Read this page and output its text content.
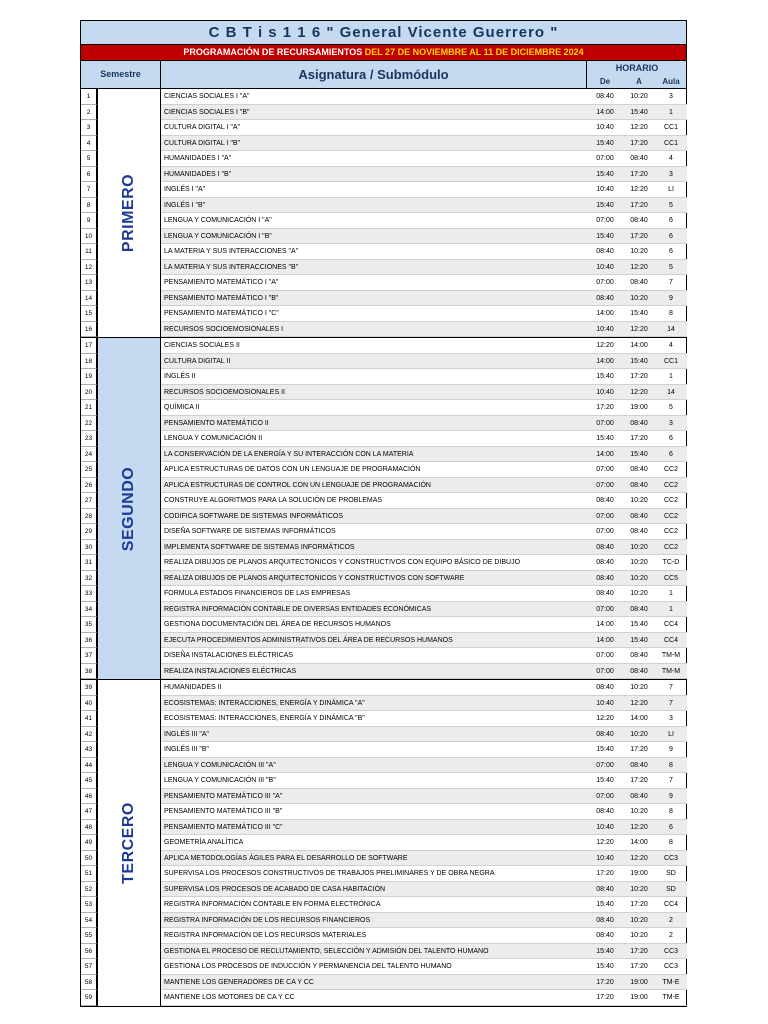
C B T i s 1 1 6 " General Vicente Guerrero "
PROGRAMACIÓN DE RECURSAMIENTOS DEL 27 DE NOVIEMBRE AL 11 DE DICIEMBRE 2024
Semestre	Asignatura / Submódulo	HORARIO
De	A	Aula
1	CIENCIAS SOCIALES I "A"	08:40	10:20	3
2	CIENCIAS SOCIALES I "B"	14:00	15:40	1
3	CULTURA DIGITAL I "A"	10:40	12:20	CC1
4	CULTURA DIGITAL I "B"	15:40	17:20	CC1
5	HUMANIDADES I "A"	07:00	08:40	4
6	HUMANIDADES I "B"	15:40	17:20	3
7	INGLÉS I "A"	10:40	12:20	LI
8	INGLÉS I "B"	15:40	17:20	5
9	LENGUA Y COMUNICACIÓN I "A"	07:00	08:40	6
10	LENGUA Y COMUNICACIÓN I "B"	15:40	17:20	6
11	LA MATERIA Y SUS INTERACCIONES "A"	08:40	10:20	6
12	LA MATERIA Y SUS INTERACCIONES "B"	10:40	12:20	5
13	PENSAMIENTO MATEMÁTICO I "A"	07:00	08:40	7
14	PENSAMIENTO MATEMÁTICO I "B"	08:40	10:20	9
15	PENSAMIENTO MATEMÁTICO I "C"	14:00	15:40	8
16	RECURSOS SOCIOEMOSIONALES I	10:40	12:20	14
PRIMERO
17	CIENCIAS SOCIALES II	12:20	14:00	4
18	CULTURA DIGITAL II	14:00	15:40	CC1
19	INGLÉS II	15:40	17:20	1
20	RECURSOS SOCIOEMOSIONALES II	10:40	12:20	14
21	QUÍMICA II	17:20	19:00	5
22	PENSAMIENTO MATEMÁTICO II	07:00	08:40	3
23	LENGUA Y COMUNICACIÓN II	15:40	17:20	6
24	LA CONSERVACIÓN DE LA ENERGÍA Y SU INTERACCIÓN CON LA MATERIA	14:00	15:40	6
25	APLICA ESTRUCTURAS DE DATOS CON UN LENGUAJE DE PROGRAMACIÓN	07:00	08:40	CC2
26	APLICA ESTRUCTURAS DE CONTROL CON UN LENGUAJE DE PROGRAMACIÓN	07:00	08:40	CC2
27	CONSTRUYE ALGORITMOS PARA LA SOLUCIÓN DE PROBLEMAS	08:40	10:20	CC2
28	CODIFICA SOFTWARE DE SISTEMAS INFORMÁTICOS	07:00	08:40	CC2
29	DISEÑA SOFTWARE DE SISTEMAS INFORMÁTICOS	07:00	08:40	CC2
30	IMPLEMENTA SOFTWARE DE SISTEMAS INFORMÁTICOS	08:40	10:20	CC2
31	REALIZA DIBUJOS DE PLANOS ARQUITECTÓNICOS Y CONSTRUCTIVOS CON EQUIPO BÁSICO DE DIBUJO	08:40	10:20	TC-D
32	REALIZA DIBUJOS DE PLANOS ARQUITECTONICOS Y CONSTRUCTIVOS CON SOFTWARE	08:40	10:20	CC5
33	FORMULA ESTADOS FINANCIEROS DE LAS EMPRESAS	08:40	10:20	1
34	REGISTRA INFORMACIÓN CONTABLE DE DIVERSAS ENTIDADES ECONÓMICAS	07:00	08:40	1
35	GESTIONA DOCUMENTACIÓN DEL ÁREA DE RECURSOS HUMANOS	14:00	15:40	CC4
36	EJECUTA PROCEDIMIENTOS ADMINISTRATIVOS DEL ÁREA DE RECURSOS HUMANOS	14:00	15:40	CC4
37	DISEÑA INSTALACIONES ELÉCTRICAS	07:00	08:40	TM-M
38	REALIZA INSTALACIONES ELÉCTRICAS	07:00	08:40	TM-M
SEGUNDO
39	HUMANIDADES II	08:40	10:20	7
40	ECOSISTEMAS: INTERACCIONES, ENERGÍA Y DINÁMICA "A"	10:40	12:20	7
41	ECOSISTEMAS: INTERACCIONES, ENERGÍA Y DINÁMICA "B"	12:20	14:00	3
42	INGLÉS III "A"	08:40	10:20	LI
43	INGLÉS III "B"	15:40	17:20	9
44	LENGUA Y COMUNICACIÓN III "A"	07:00	08:40	8
45	LENGUA Y COMUNICACIÓN III "B"	15:40	17:20	7
46	PENSAMIENTO MATEMÁTICO III "A"	07:00	08:40	9
47	PENSAMIENTO MATEMÁTICO III "B"	08:40	10:20	8
48	PENSAMIENTO MATEMÁTICO III "C"	10:40	12:20	6
49	GEOMETRÍA ANALÍTICA	12:20	14:00	8
50	APLICA METODOLOGÍAS ÁGILES PARA EL DESARROLLO DE SOFTWARE	10:40	12:20	CC3
51	SUPERVISA LOS PROCESOS CONSTRUCTIVOS DE TRABAJOS PRELIMINARES Y DE OBRA NEGRA	17:20	19:00	SD
52	SUPERVISA LOS PROCESOS DE ACABADO DE CASA HABITACIÓN	08:40	10:20	SD
53	REGISTRA INFORMACIÓN CONTABLE EN FORMA ELECTRÓNICA	15:40	17:20	CC4
54	REGISTRA INFORMACIÓN DE LOS RECURSOS FINANCIEROS	08:40	10:20	2
55	REGISTRA INFORMACIÓN DE LOS RECURSOS MATERIALES	08:40	10:20	2
56	GESTIONA EL PROCESO DE RECLUTAMIENTO, SELECCIÓN Y ADMISIÓN DEL TALENTO HUMANO	15:40	17:20	CC3
57	GESTIONA LOS PROCESOS DE INDUCCIÓN Y PERMANENCIA DEL TALENTO HUMANO	15:40	17:20	CC3
58	MANTIENE LOS GENERADORES DE CA Y CC	17:20	19:00	TM-E
59	MANTIENE LOS MOTORES DE CA Y CC	17:20	19:00	TM-E
TERCERO
